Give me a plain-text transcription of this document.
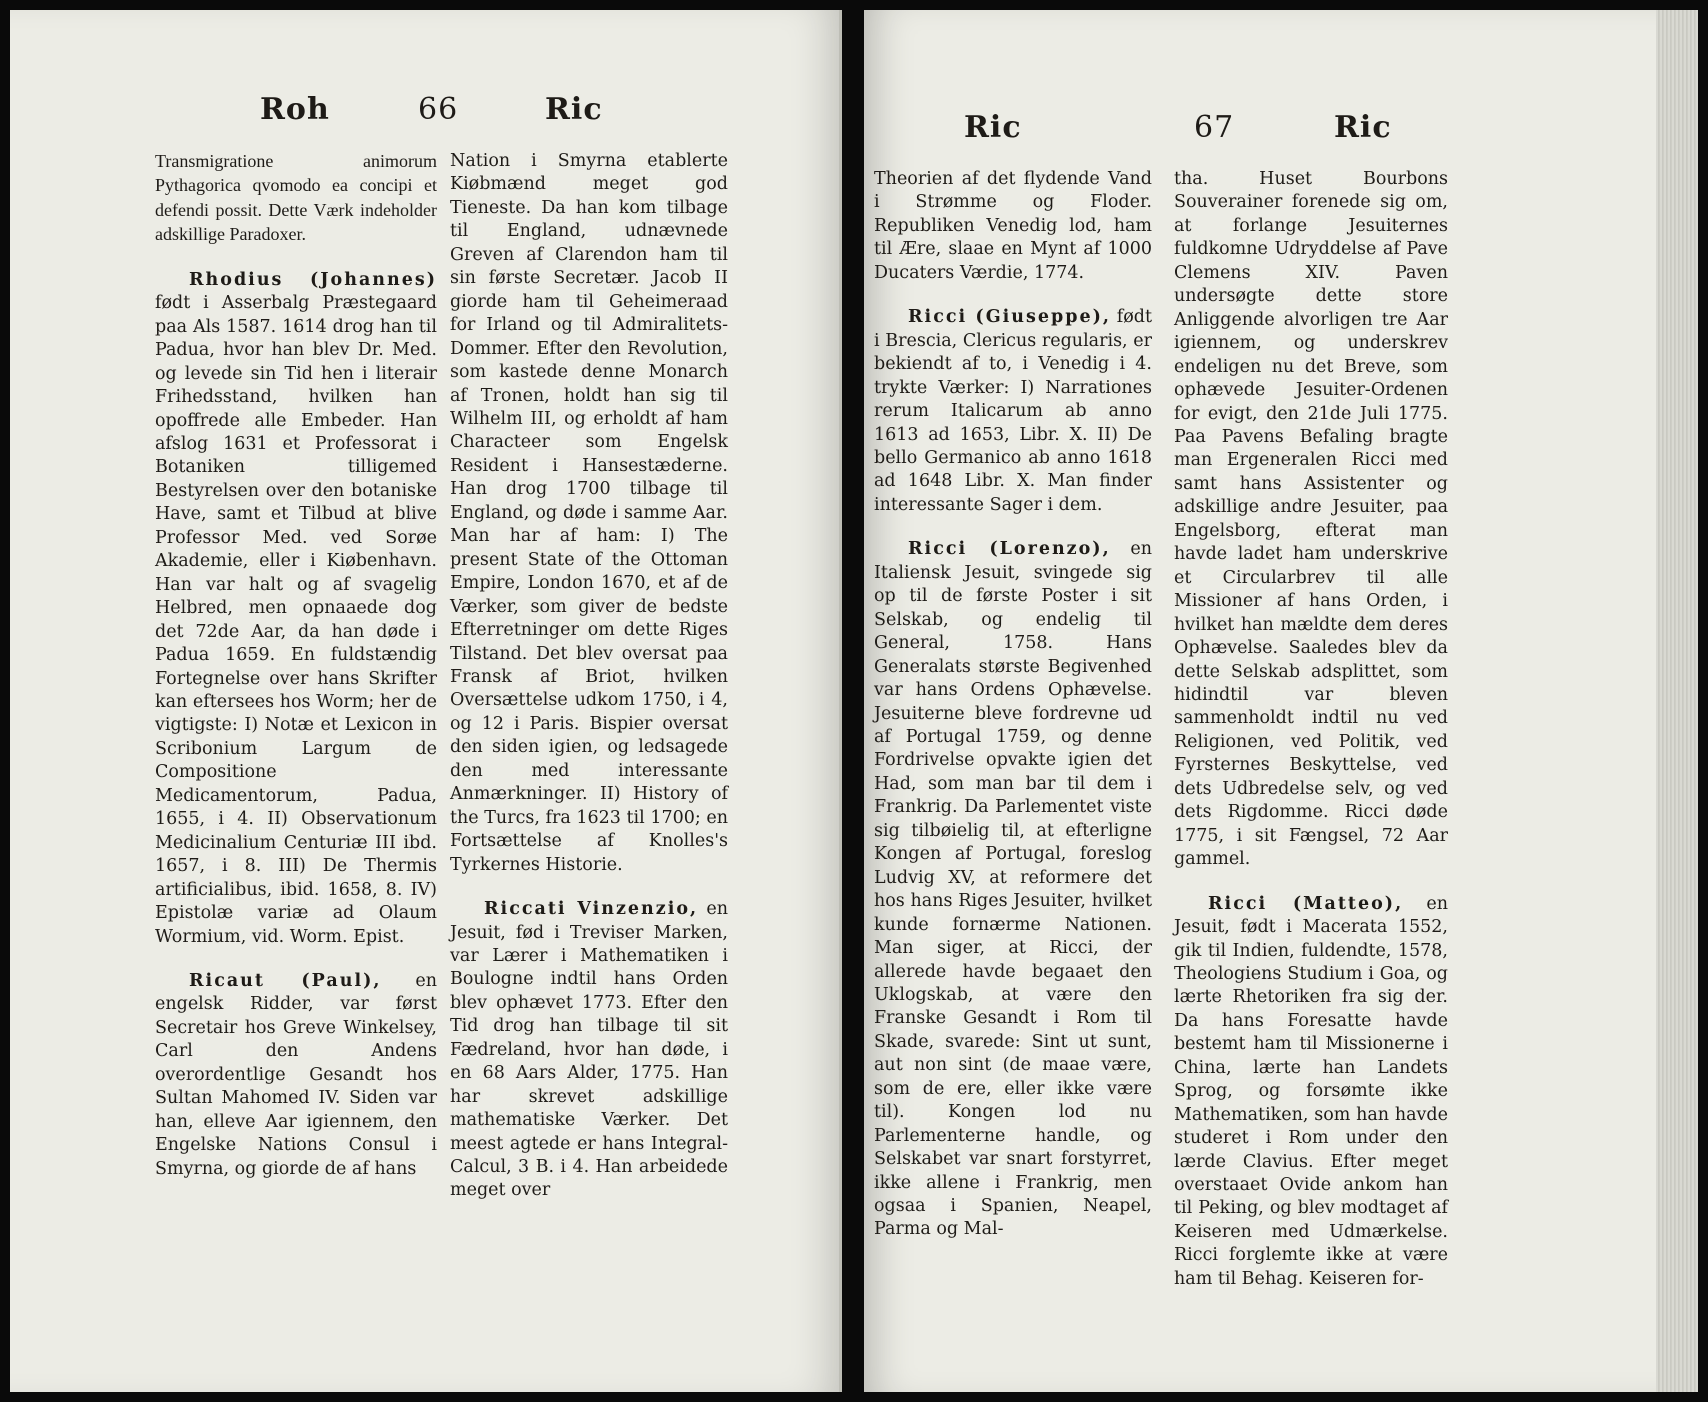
Roh	66	Ric

Transmigratione animorum Pythagorica qvomodo ea concipi et defendi possit. Dette Værk indeholder adskillige Paradoxer.

Rhodius (Johannes) født i Asserbalg Præstegaard paa Als 1587. 1614 drog han til Padua, hvor han blev Dr. Med. og levede sin Tid hen i literair Frihedsstand, hvilken han opoffrede alle Embeder. Han afslog 1631 et Professorat i Botaniken tilligemed Bestyrelsen over den botaniske Have, samt et Tilbud at blive Professor Med. ved Sorøe Akademie, eller i Kiøbenhavn. Han var halt og af svagelig Helbred, men opnaaede dog det 72de Aar, da han døde i Padua 1659. En fuldstændig Fortegnelse over hans Skrifter kan eftersees hos Worm; her de vigtigste: I) Notæ et Lexicon in Scribonium Largum de Compositione Medicamentorum, Padua, 1655, i 4. II) Observationum Medicinalium Centuriæ III ibd. 1657, i 8. III) De Thermis artificialibus, ibid. 1658, 8. IV) Epistolæ variæ ad Olaum Wormium, vid. Worm. Epist.

Ricaut (Paul), en engelsk Ridder, var først Secretair hos Greve Winkelsey, Carl den Andens overordentlige Gesandt hos Sultan Mahomed IV. Siden var han, elleve Aar igiennem, den Engelske Nations Consul i Smyrna, og giorde de af hans

Nation i Smyrna etablerte Kiøbmænd meget god Tieneste. Da han kom tilbage til England, udnævnede Greven af Clarendon ham til sin første Secretær. Jacob II giorde ham til Geheimeraad for Irland og til Admiralitets-Dommer. Efter den Revolution, som kastede denne Monarch af Tronen, holdt han sig til Wilhelm III, og erholdt af ham Characteer som Engelsk Resident i Hansestæderne. Han drog 1700 tilbage til England, og døde i samme Aar. Man har af ham: I) The present State of the Ottoman Empire, London 1670, et af de Værker, som giver de bedste Efterretninger om dette Riges Tilstand. Det blev oversat paa Fransk af Briot, hvilken Oversættelse udkom 1750, i 4, og 12 i Paris. Bispier oversat den siden igien, og ledsagede den med interessante Anmærkninger. II) History of the Turcs, fra 1623 til 1700; en Fortsættelse af Knolles's Tyrkernes Historie.

Riccati Vinzenzio, en Jesuit, fød i Treviser Marken, var Lærer i Mathematiken i Boulogne indtil hans Orden blev ophævet 1773. Efter den Tid drog han tilbage til sit Fædreland, hvor han døde, i en 68 Aars Alder, 1775. Han har skrevet adskillige mathematiske Værker. Det meest agtede er hans Integral-Calcul, 3 B. i 4. Han arbeidede meget over

Ric	67	Ric

Theorien af det flydende Vand i Strømme og Floder. Republiken Venedig lod, ham til Ære, slaae en Mynt af 1000 Ducaters Værdie, 1774.

Ricci (Giuseppe), født i Brescia, Clericus regularis, er bekiendt af to, i Venedig i 4. trykte Værker: I) Narrationes rerum Italicarum ab anno 1613 ad 1653, Libr. X. II) De bello Germanico ab anno 1618 ad 1648 Libr. X. Man finder interessante Sager i dem.

Ricci (Lorenzo), en Italiensk Jesuit, svingede sig op til de første Poster i sit Selskab, og endelig til General, 1758. Hans Generalats største Begivenhed var hans Ordens Ophævelse. Jesuiterne bleve fordrevne ud af Portugal 1759, og denne Fordrivelse opvakte igien det Had, som man bar til dem i Frankrig. Da Parlementet viste sig tilbøielig til, at efterligne Kongen af Portugal, foreslog Ludvig XV, at reformere det hos hans Riges Jesuiter, hvilket kunde fornærme Nationen. Man siger, at Ricci, der allerede havde begaaet den Uklogskab, at være den Franske Gesandt i Rom til Skade, svarede: Sint ut sunt, aut non sint (de maae være, som de ere, eller ikke være til). Kongen lod nu Parlementerne handle, og Selskabet var snart forstyrret, ikke allene i Frankrig, men ogsaa i Spanien, Neapel, Parma og Mal-

tha. Huset Bourbons Souverainer forenede sig om, at forlange Jesuiternes fuldkomne Udryddelse af Pave Clemens XIV. Paven undersøgte dette store Anliggende alvorligen tre Aar igiennem, og underskrev endeligen nu det Breve, som ophævede Jesuiter-Ordenen for evigt, den 21de Juli 1775. Paa Pavens Befaling bragte man Ergeneralen Ricci med samt hans Assistenter og adskillige andre Jesuiter, paa Engelsborg, efterat man havde ladet ham underskrive et Circularbrev til alle Missioner af hans Orden, i hvilket han mældte dem deres Ophævelse. Saaledes blev da dette Selskab adsplittet, som hidindtil var bleven sammenholdt indtil nu ved Religionen, ved Politik, ved Fyrsternes Beskyttelse, ved dets Udbredelse selv, og ved dets Rigdomme. Ricci døde 1775, i sit Fængsel, 72 Aar gammel.

Ricci (Matteo), en Jesuit, født i Macerata 1552, gik til Indien, fuldendte, 1578, Theologiens Studium i Goa, og lærte Rhetoriken fra sig der. Da hans Foresatte havde bestemt ham til Missionerne i China, lærte han Landets Sprog, og forsømte ikke Mathematiken, som han havde studeret i Rom under den lærde Clavius. Efter meget overstaaet Ovide ankom han til Peking, og blev modtaget af Keiseren med Udmærkelse. Ricci forglemte ikke at være ham til Behag. Keiseren for-
